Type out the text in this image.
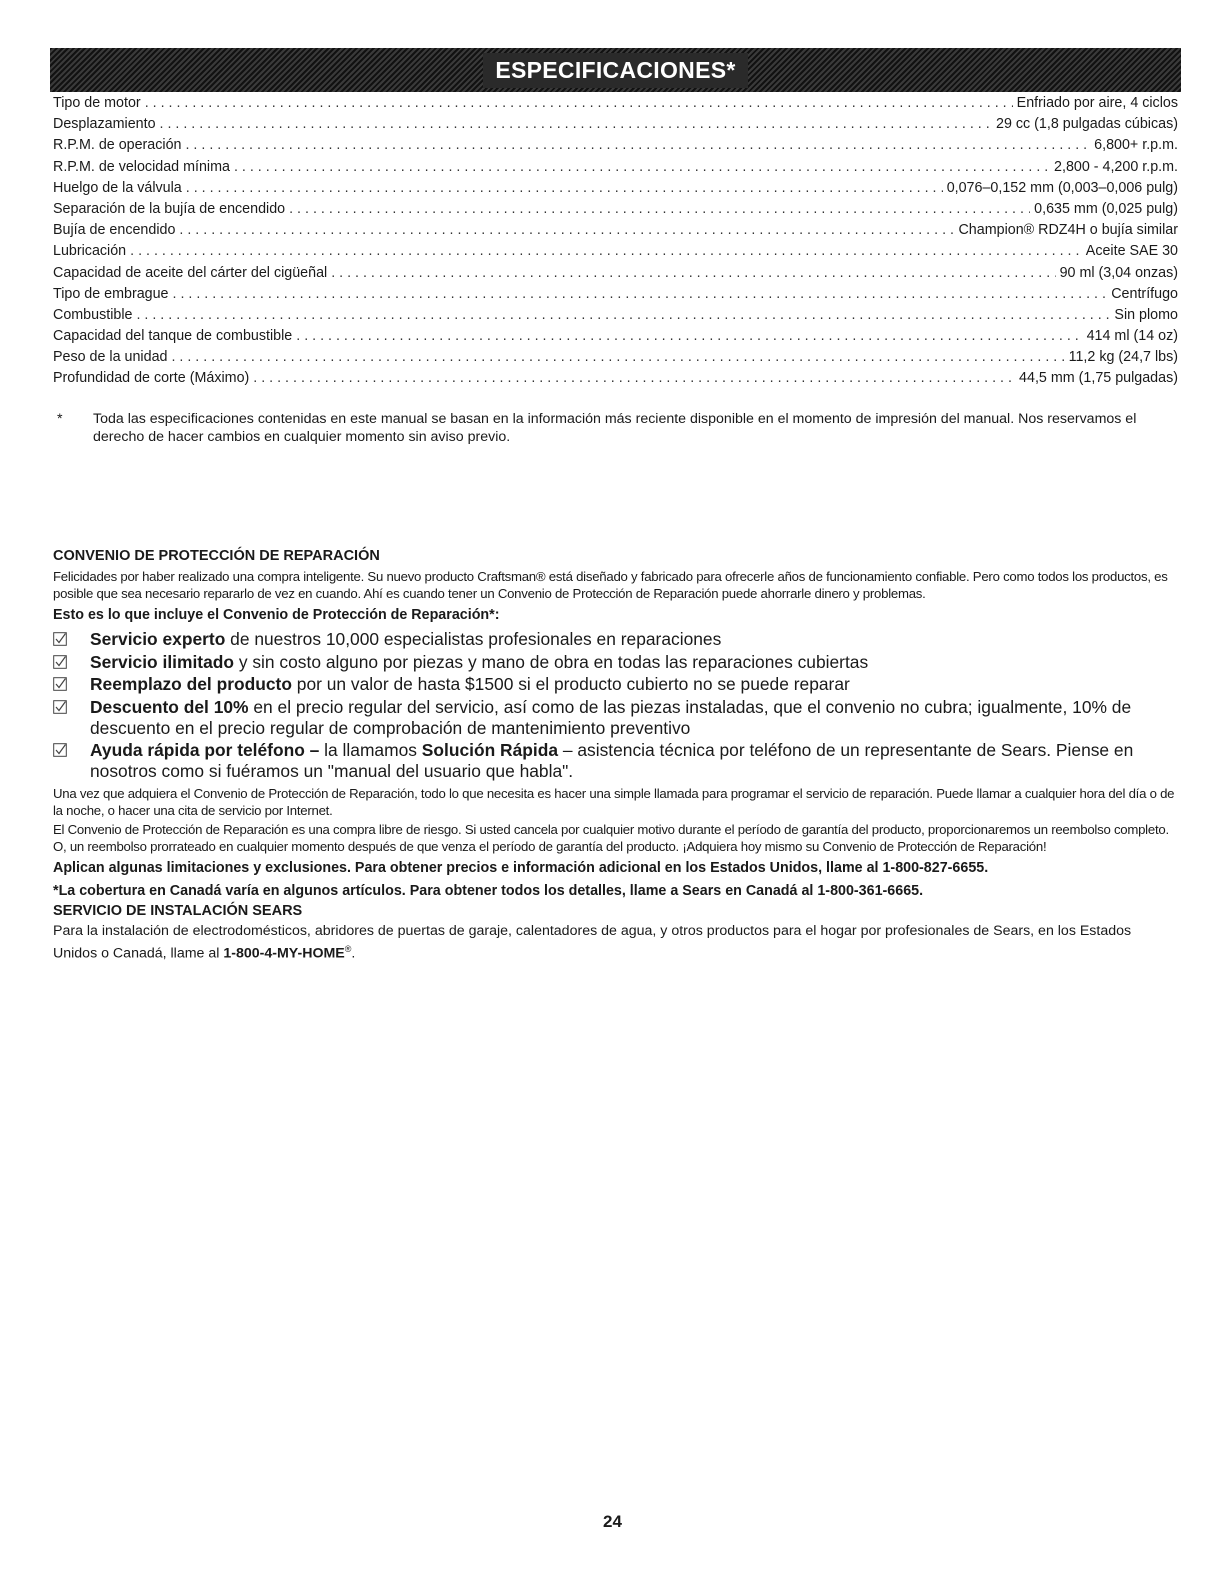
ESPECIFICACIONES*
Tipo de motor . . .	Enfriado por aire, 4 ciclos
Desplazamiento . . .	29 cc (1,8 pulgadas cúbicas)
R.P.M. de operación . . .	6,800+ r.p.m.
R.P.M. de velocidad mínima . . .	2,800 - 4,200 r.p.m.
Huelgo de la válvula . . .	0,076–0,152 mm (0,003–0,006 pulg)
Separación de la bujía de encendido . . .	0,635 mm (0,025 pulg)
Bujía de encendido . . .	Champion® RDZ4H o bujía similar
Lubricación . . .	Aceite SAE 30
Capacidad de aceite del cárter del cigüeñal . . .	90 ml (3,04 onzas)
Tipo de embrague . . .	Centrífugo
Combustible . . .	Sin plomo
Capacidad del tanque de combustible . . .	414 ml (14 oz)
Peso de la unidad . . .	11,2 kg (24,7 lbs)
Profundidad de corte (Máximo) . . .	44,5 mm (1,75 pulgadas)
*	Toda las especificaciones contenidas en este manual se basan en la información más reciente disponible en el momento de impresión del manual. Nos reservamos el derecho de hacer cambios en cualquier momento sin aviso previo.
CONVENIO DE PROTECCIÓN DE REPARACIÓN

Felicidades por haber realizado una compra inteligente. Su nuevo producto Craftsman® está diseñado y fabricado para ofrecerle años de funcionamiento confiable. Pero como todos los productos, es posible que sea necesario repararlo de vez en cuando. Ahí es cuando tener un Convenio de Protección de Reparación puede ahorrarle dinero y problemas.

Esto es lo que incluye el Convenio de Protección de Reparación*:

Servicio experto de nuestros 10,000 especialistas profesionales en reparaciones
Servicio ilimitado y sin costo alguno por piezas y mano de obra en todas las reparaciones cubiertas
Reemplazo del producto por un valor de hasta $1500 si el producto cubierto no se puede reparar
Descuento del 10% en el precio regular del servicio, así como de las piezas instaladas, que el convenio no cubra; igualmente, 10% de descuento en el precio regular de comprobación de mantenimiento preventivo
Ayuda rápida por teléfono – la llamamos Solución Rápida – asistencia técnica por teléfono de un representante de Sears. Piense en nosotros como si fuéramos un "manual del usuario que habla".

Una vez que adquiera el Convenio de Protección de Reparación, todo lo que necesita es hacer una simple llamada para programar el servicio de reparación. Puede llamar a cualquier hora del día o de la noche, o hacer una cita de servicio por Internet.

El Convenio de Protección de Reparación es una compra libre de riesgo. Si usted cancela por cualquier motivo durante el período de garantía del producto, proporcionaremos un reembolso completo. O, un reembolso prorrateado en cualquier momento después de que venza el período de garantía del producto. ¡Adquiera hoy mismo su Convenio de Protección de Reparación!

Aplican algunas limitaciones y exclusiones. Para obtener precios e información adicional en los Estados Unidos, llame al 1-800-827-6655.

*La cobertura en Canadá varía en algunos artículos. Para obtener todos los detalles, llame a Sears en Canadá al 1-800-361-6665.

SERVICIO DE INSTALACIÓN SEARS

Para la instalación de electrodomésticos, abridores de puertas de garaje, calentadores de agua, y otros productos para el hogar por profesionales de Sears, en los Estados Unidos o Canadá, llame al 1-800-4-MY-HOME®.

24
